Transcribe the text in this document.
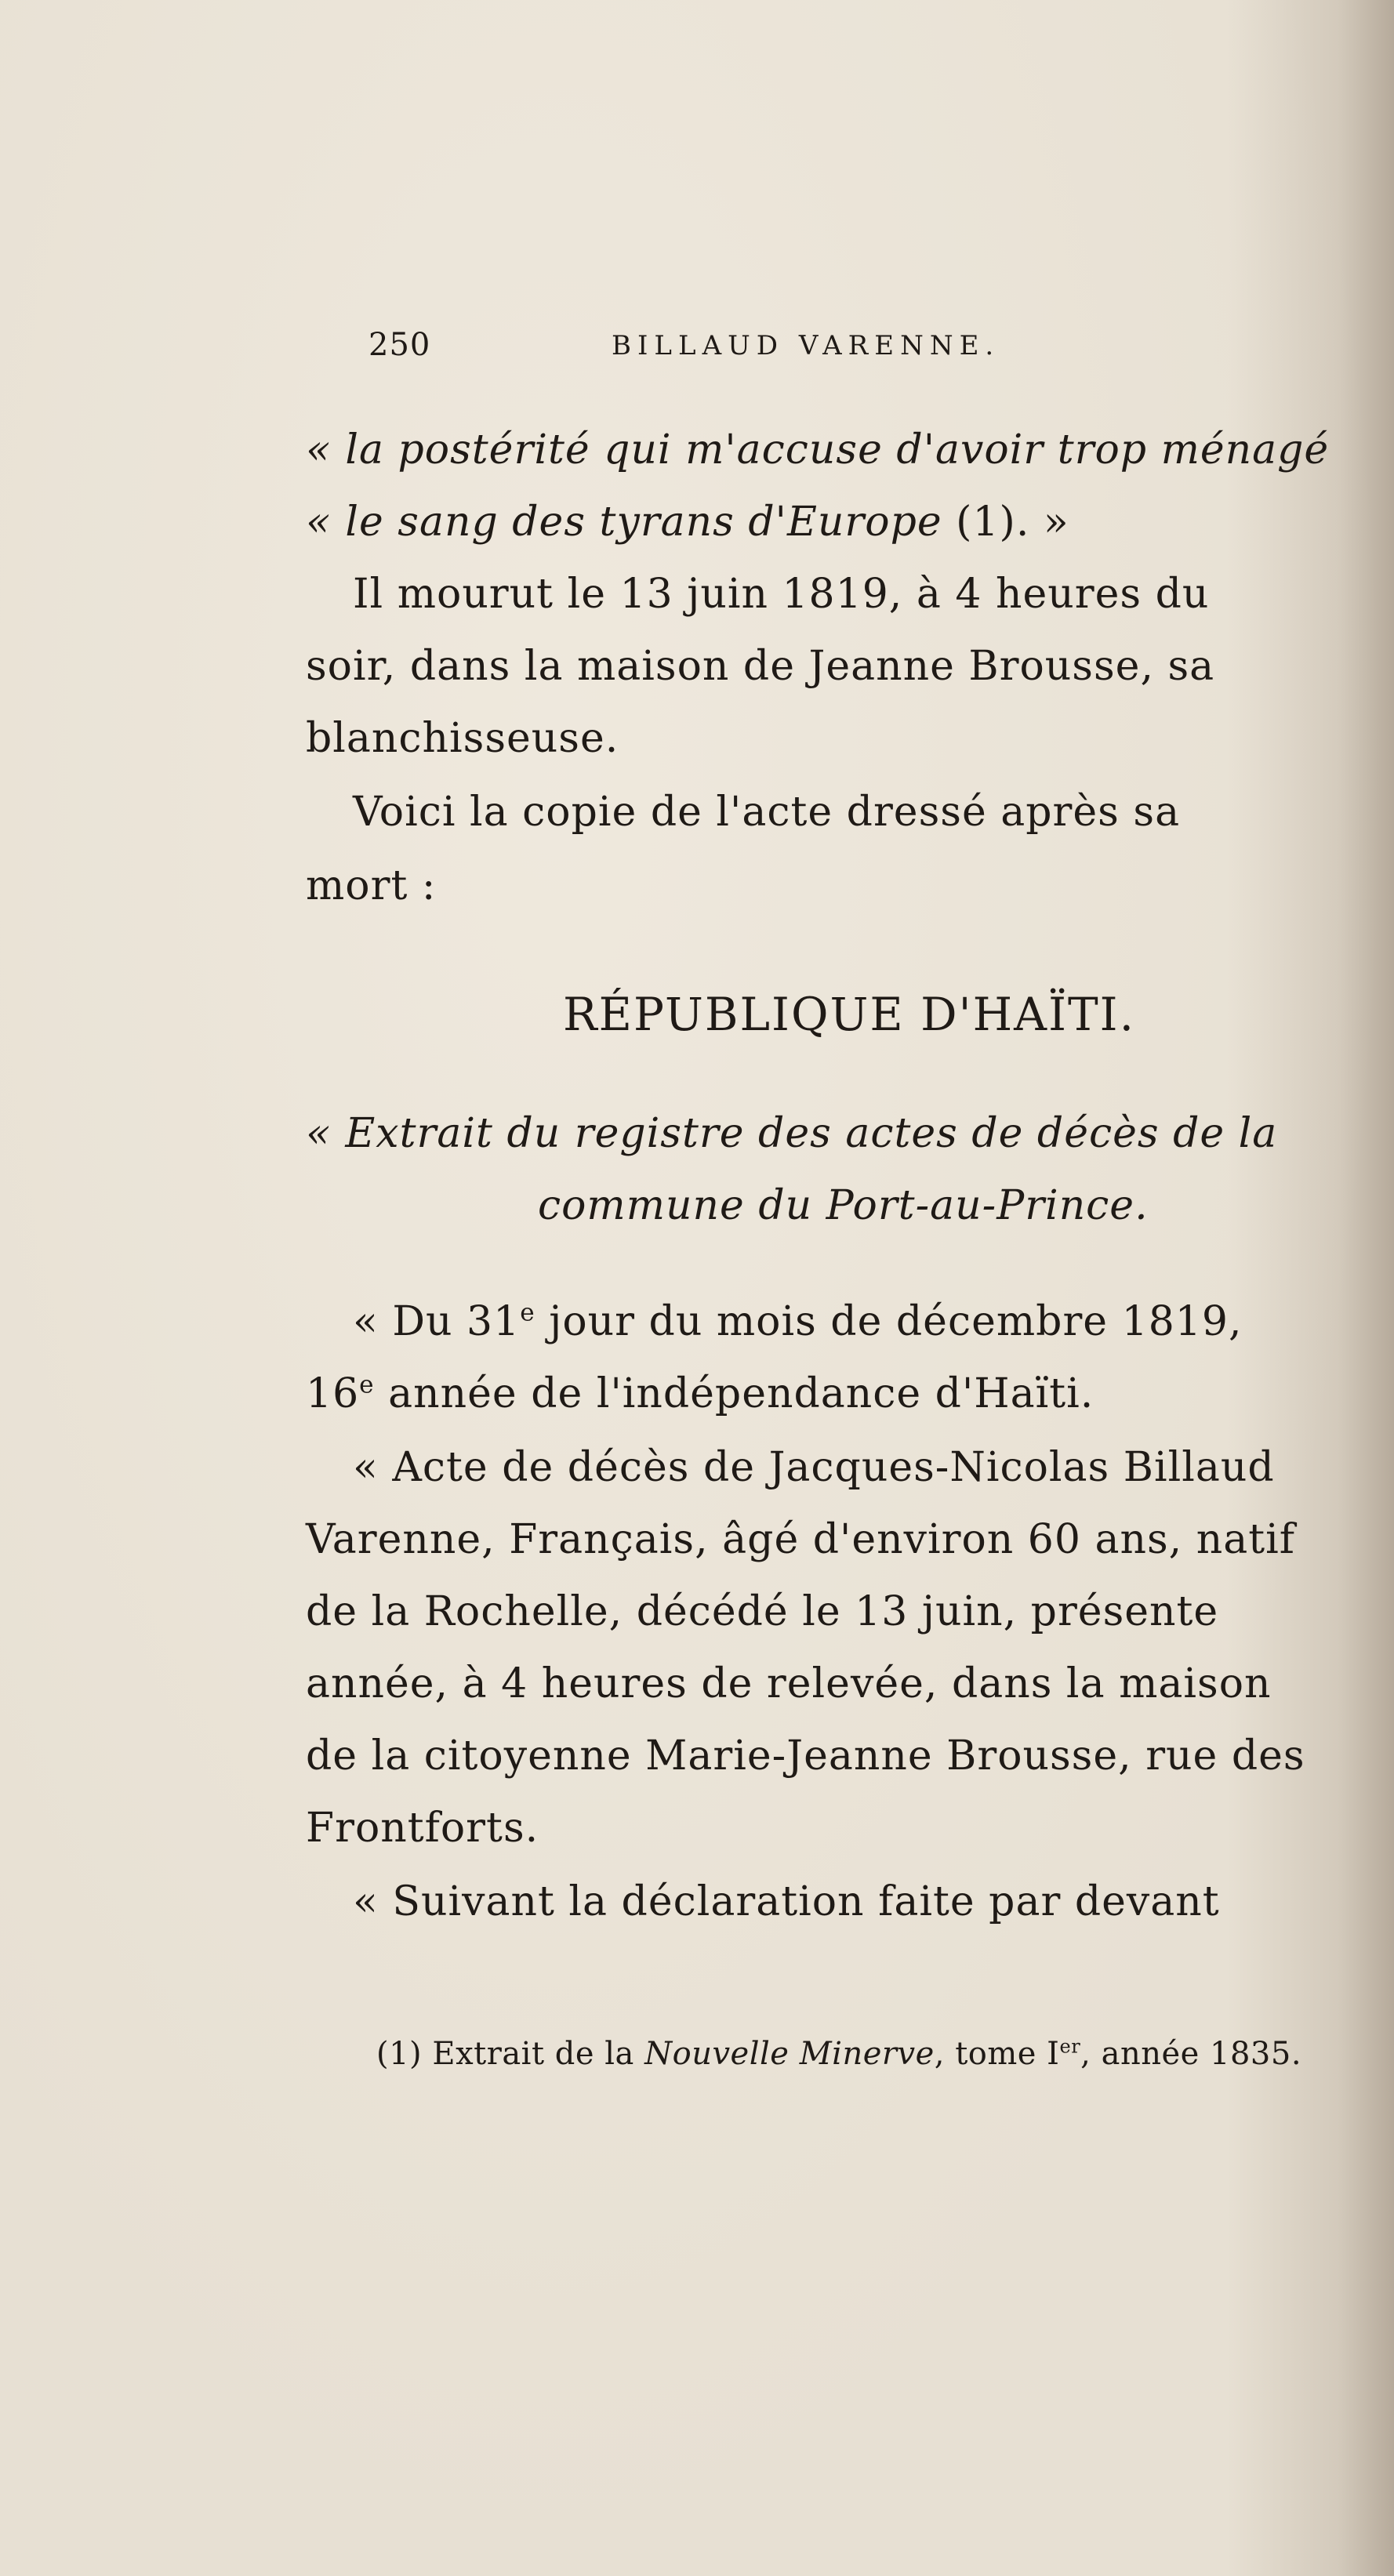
250	BILLAUD VARENNE.
« la postérité qui m'accuse d'avoir trop ménagé
« le sang des tyrans d'Europe (1). »
Il mourut le 13 juin 1819, à 4 heures du
soir, dans la maison de Jeanne Brousse, sa
blanchisseuse.
Voici la copie de l'acte dressé après sa
mort :
RÉPUBLIQUE D'HAÏTI.
« Extrait du registre des actes de décès de la
commune du Port-au-Prince.
« Du 31e jour du mois de décembre 1819,
16e année de l'indépendance d'Haïti.
« Acte de décès de Jacques-Nicolas Billaud
Varenne, Français, âgé d'environ 60 ans, natif
de la Rochelle, décédé le 13 juin, présente
année, à 4 heures de relevée, dans la maison
de la citoyenne Marie-Jeanne Brousse, rue des
Frontforts.
« Suivant la déclaration faite par devant
(1) Extrait de la Nouvelle Minerve, tome Ier, année 1835.
